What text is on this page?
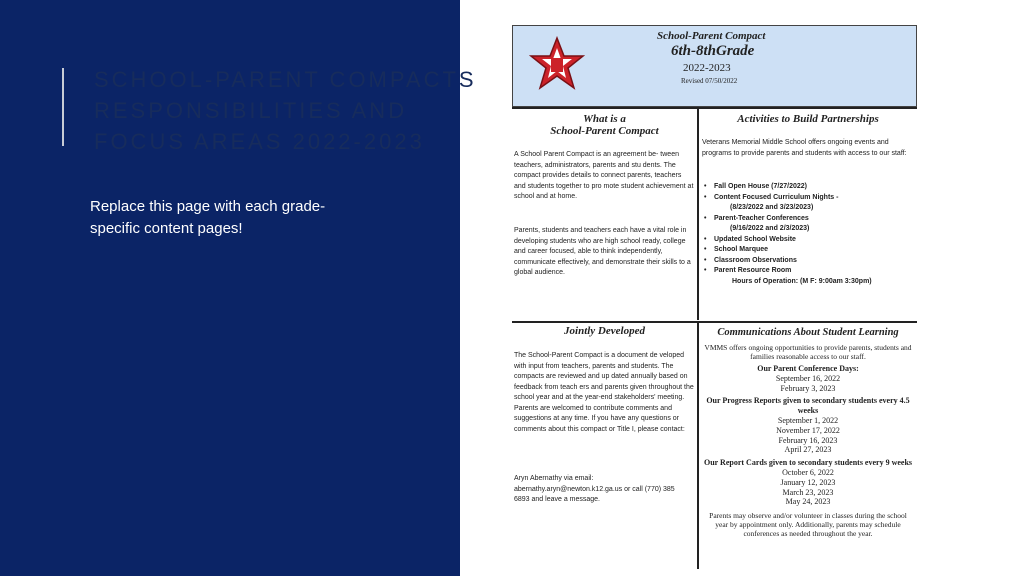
SCHOOL-PARENT COMPACTS
RESPONSIBILITIES AND
FOCUS AREAS 2022-2023

Replace this page with each grade-
specific content pages!

School-Parent Compact
6th-8thGrade
2022-2023
Revised 07/50/2022
What is a
School-Parent Compact

A School Parent Compact is an agreement be- tween teachers, administrators, parents and stu dents. The compact provides details to connect parents, teachers and students together to pro mote student achievement at school and at home.

Parents, students and teachers each have a vital role in developing students who are high school ready, college and career focused, able to think independently, communicate effectively, and demonstrate their skills to a global audience.

Activities to Build Partnerships

Veterans Memorial Middle School offers ongoing events and programs to provide parents and students with access to our staff:

• Fall Open House (7/27/2022)
• Content Focused Curriculum Nights -
(8/23/2022 and 3/23/2023)
• Parent-Teacher Conferences
(9/16/2022 and 2/3/2023)
• Updated School Website
• School Marquee
• Classroom Observations
• Parent Resource Room
Hours of Operation: (M F: 9:00am 3:30pm)
Jointly Developed

The School-Parent Compact is a document de veloped with input from teachers, parents and students. The compacts are reviewed and up dated annually based on feedback from teach ers and parents given throughout the school year and at the year-end stakeholders' meeting. Parents are welcomed to contribute comments and suggestions at any time. If you have any questions or comments about this compact or Title I, please contact:

Aryn Abernathy via email: abernathy.aryn@newton.k12.ga.us or call (770) 385 6893 and leave a message.

Communications About Student Learning
VMMS offers ongoing opportunities to provide parents, students and families reasonable access to our staff.
Our Parent Conference Days:
September 16, 2022
February 3, 2023
Our Progress Reports given to secondary students every 4.5 weeks
September 1, 2022
November 17, 2022
February 16, 2023
April 27, 2023
Our Report Cards given to secondary students every 9 weeks
October 6, 2022
January 12, 2023
March 23, 2023
May 24, 2023
Parents may observe and/or volunteer in classes during the school year by appointment only. Additionally, parents may schedule conferences as needed throughout the year.
